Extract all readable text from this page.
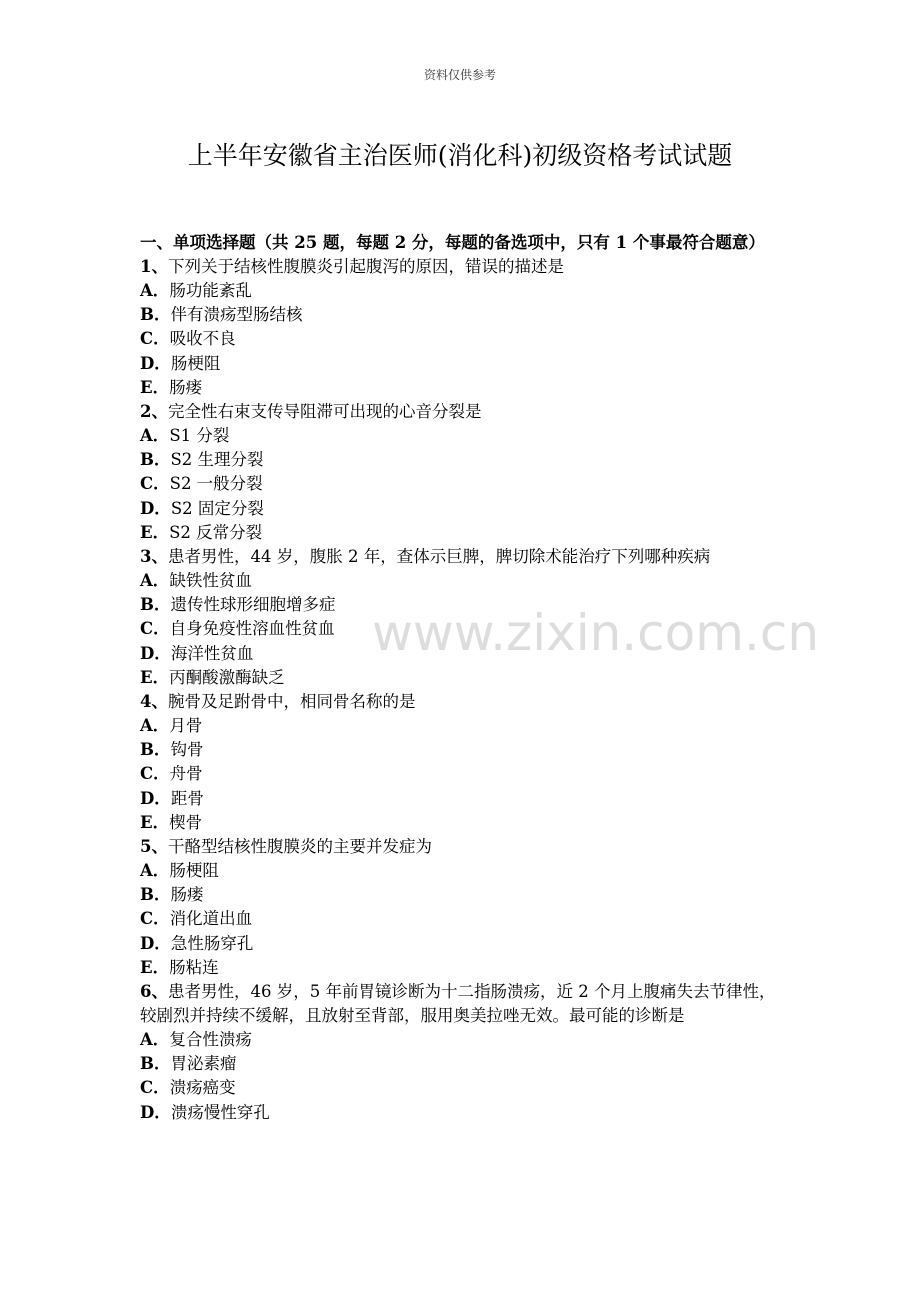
资料仅供参考
上半年安徽省主治医师(消化科)初级资格考试试题

一、单项选择题（共 25 题，每题 2 分，每题的备选项中，只有 1 个事最符合题意）

1、下列关于结核性腹膜炎引起腹泻的原因，错误的描述是

A．肠功能紊乱

B．伴有溃疡型肠结核

C．吸收不良

D．肠梗阻

E．肠瘘

2、完全性右束支传导阻滞可出现的心音分裂是

A．S1 分裂

B．S2 生理分裂

C．S2 一般分裂

D．S2 固定分裂

E．S2 反常分裂

3、患者男性，44 岁，腹胀 2 年，查体示巨脾，脾切除术能治疗下列哪种疾病

A．缺铁性贫血

B．遗传性球形细胞增多症

C．自身免疫性溶血性贫血

D．海洋性贫血

E．丙酮酸激酶缺乏

4、腕骨及足跗骨中，相同骨名称的是

A．月骨

B．钩骨

C．舟骨

D．距骨

E．楔骨

5、干酪型结核性腹膜炎的主要并发症为

A．肠梗阻

B．肠瘘

C．消化道出血

D．急性肠穿孔

E．肠粘连

6、患者男性，46 岁，5 年前胃镜诊断为十二指肠溃疡，近 2 个月上腹痛失去节律性，较剧烈并持续不缓解，且放射至背部，服用奥美拉唑无效。最可能的诊断是

A．复合性溃疡

B．胃泌素瘤

C．溃疡癌变

D．溃疡慢性穿孔

www.zixin.com.cn
